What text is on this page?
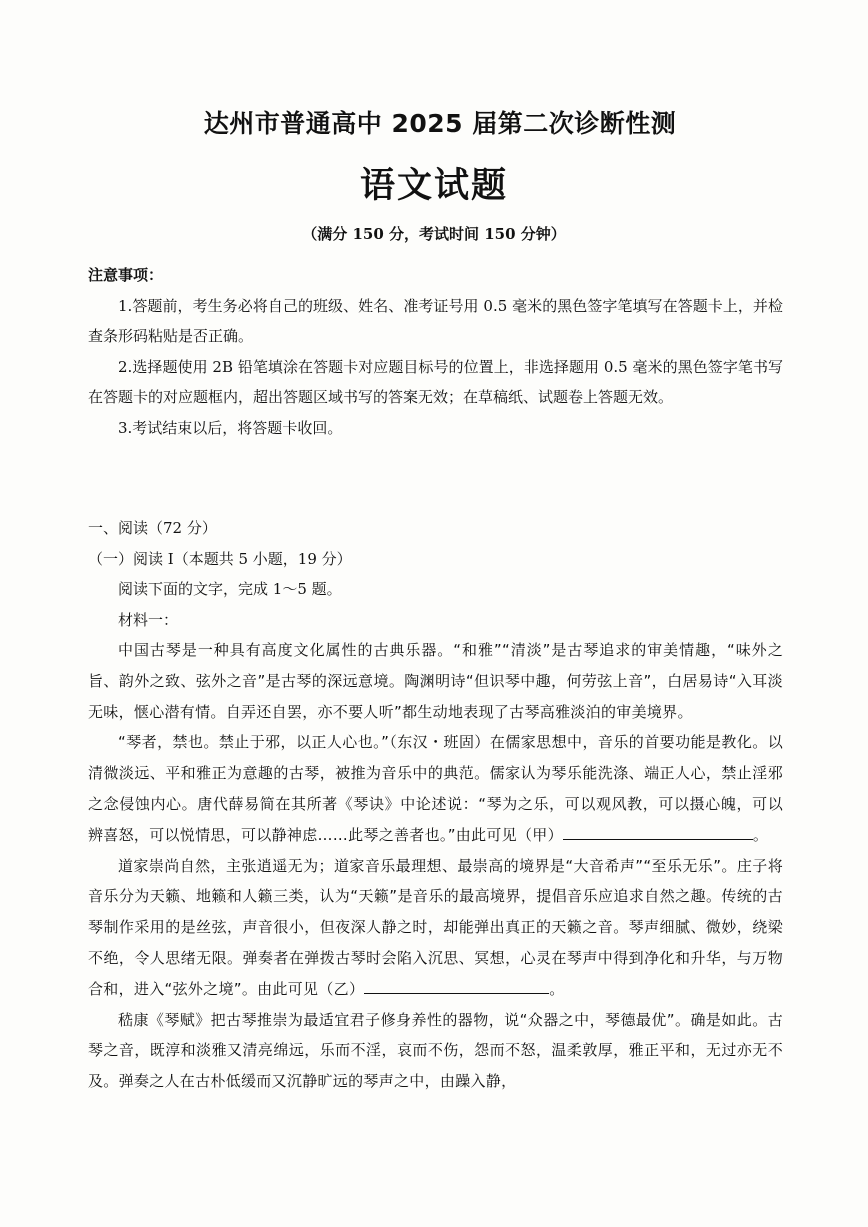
达州市普通高中 2025 届第二次诊断性测
语文试题
（满分 150 分，考试时间 150 分钟）
注意事项：

1.答题前，考生务必将自己的班级、姓名、准考证号用 0.5 毫米的黑色签字笔填写在答题卡上，并检查条形码粘贴是否正确。

2.选择题使用 2B 铅笔填涂在答题卡对应题目标号的位置上，非选择题用 0.5 毫米的黑色签字笔书写在答题卡的对应题框内，超出答题区域书写的答案无效；在草稿纸、试题卷上答题无效。

3.考试结束以后，将答题卡收回。

一、阅读（72 分）
（一）阅读 I（本题共 5 小题，19 分）
阅读下面的文字，完成 1～5 题。
材料一：

中国古琴是一种具有高度文化属性的古典乐器。“和雅”“清淡”是古琴追求的审美情趣，“味外之旨、韵外之致、弦外之音”是古琴的深远意境。陶渊明诗“但识琴中趣，何劳弦上音”，白居易诗“入耳淡无味，惬心潜有情。自弄还自罢，亦不要人听”都生动地表现了古琴高雅淡泊的审美境界。

“琴者，禁也。禁止于邪，以正人心也。”（东汉・班固）在儒家思想中，音乐的首要功能是教化。以清微淡远、平和雅正为意趣的古琴，被推为音乐中的典范。儒家认为琴乐能洗涤、端正人心，禁止淫邪之念侵蚀内心。唐代薛易简在其所著《琴诀》中论述说：“琴为之乐，可以观风教，可以摄心魄，可以辨喜怒，可以悦情思，可以静神虑……此琴之善者也。”由此可见（甲）	。

道家崇尚自然，主张逍遥无为；道家音乐最理想、最崇高的境界是“大音希声”“至乐无乐”。庄子将音乐分为天籁、地籁和人籁三类，认为“天籁”是音乐的最高境界，提倡音乐应追求自然之趣。传统的古琴制作采用的是丝弦，声音很小，但夜深人静之时，却能弹出真正的天籁之音。琴声细腻、微妙，绕梁不绝，令人思绪无限。弹奏者在弹拨古琴时会陷入沉思、冥想，心灵在琴声中得到净化和升华，与万物合和，进入“弦外之境”。由此可见（乙）	。

嵇康《琴赋》把古琴推崇为最适宜君子修身养性的器物，说“众器之中，琴德最优”。确是如此。古琴之音，既淳和淡雅又清亮绵远，乐而不淫，哀而不伤，怨而不怒，温柔敦厚，雅正平和，无过亦无不及。弹奏之人在古朴低缓而又沉静旷远的琴声之中，由躁入静，
